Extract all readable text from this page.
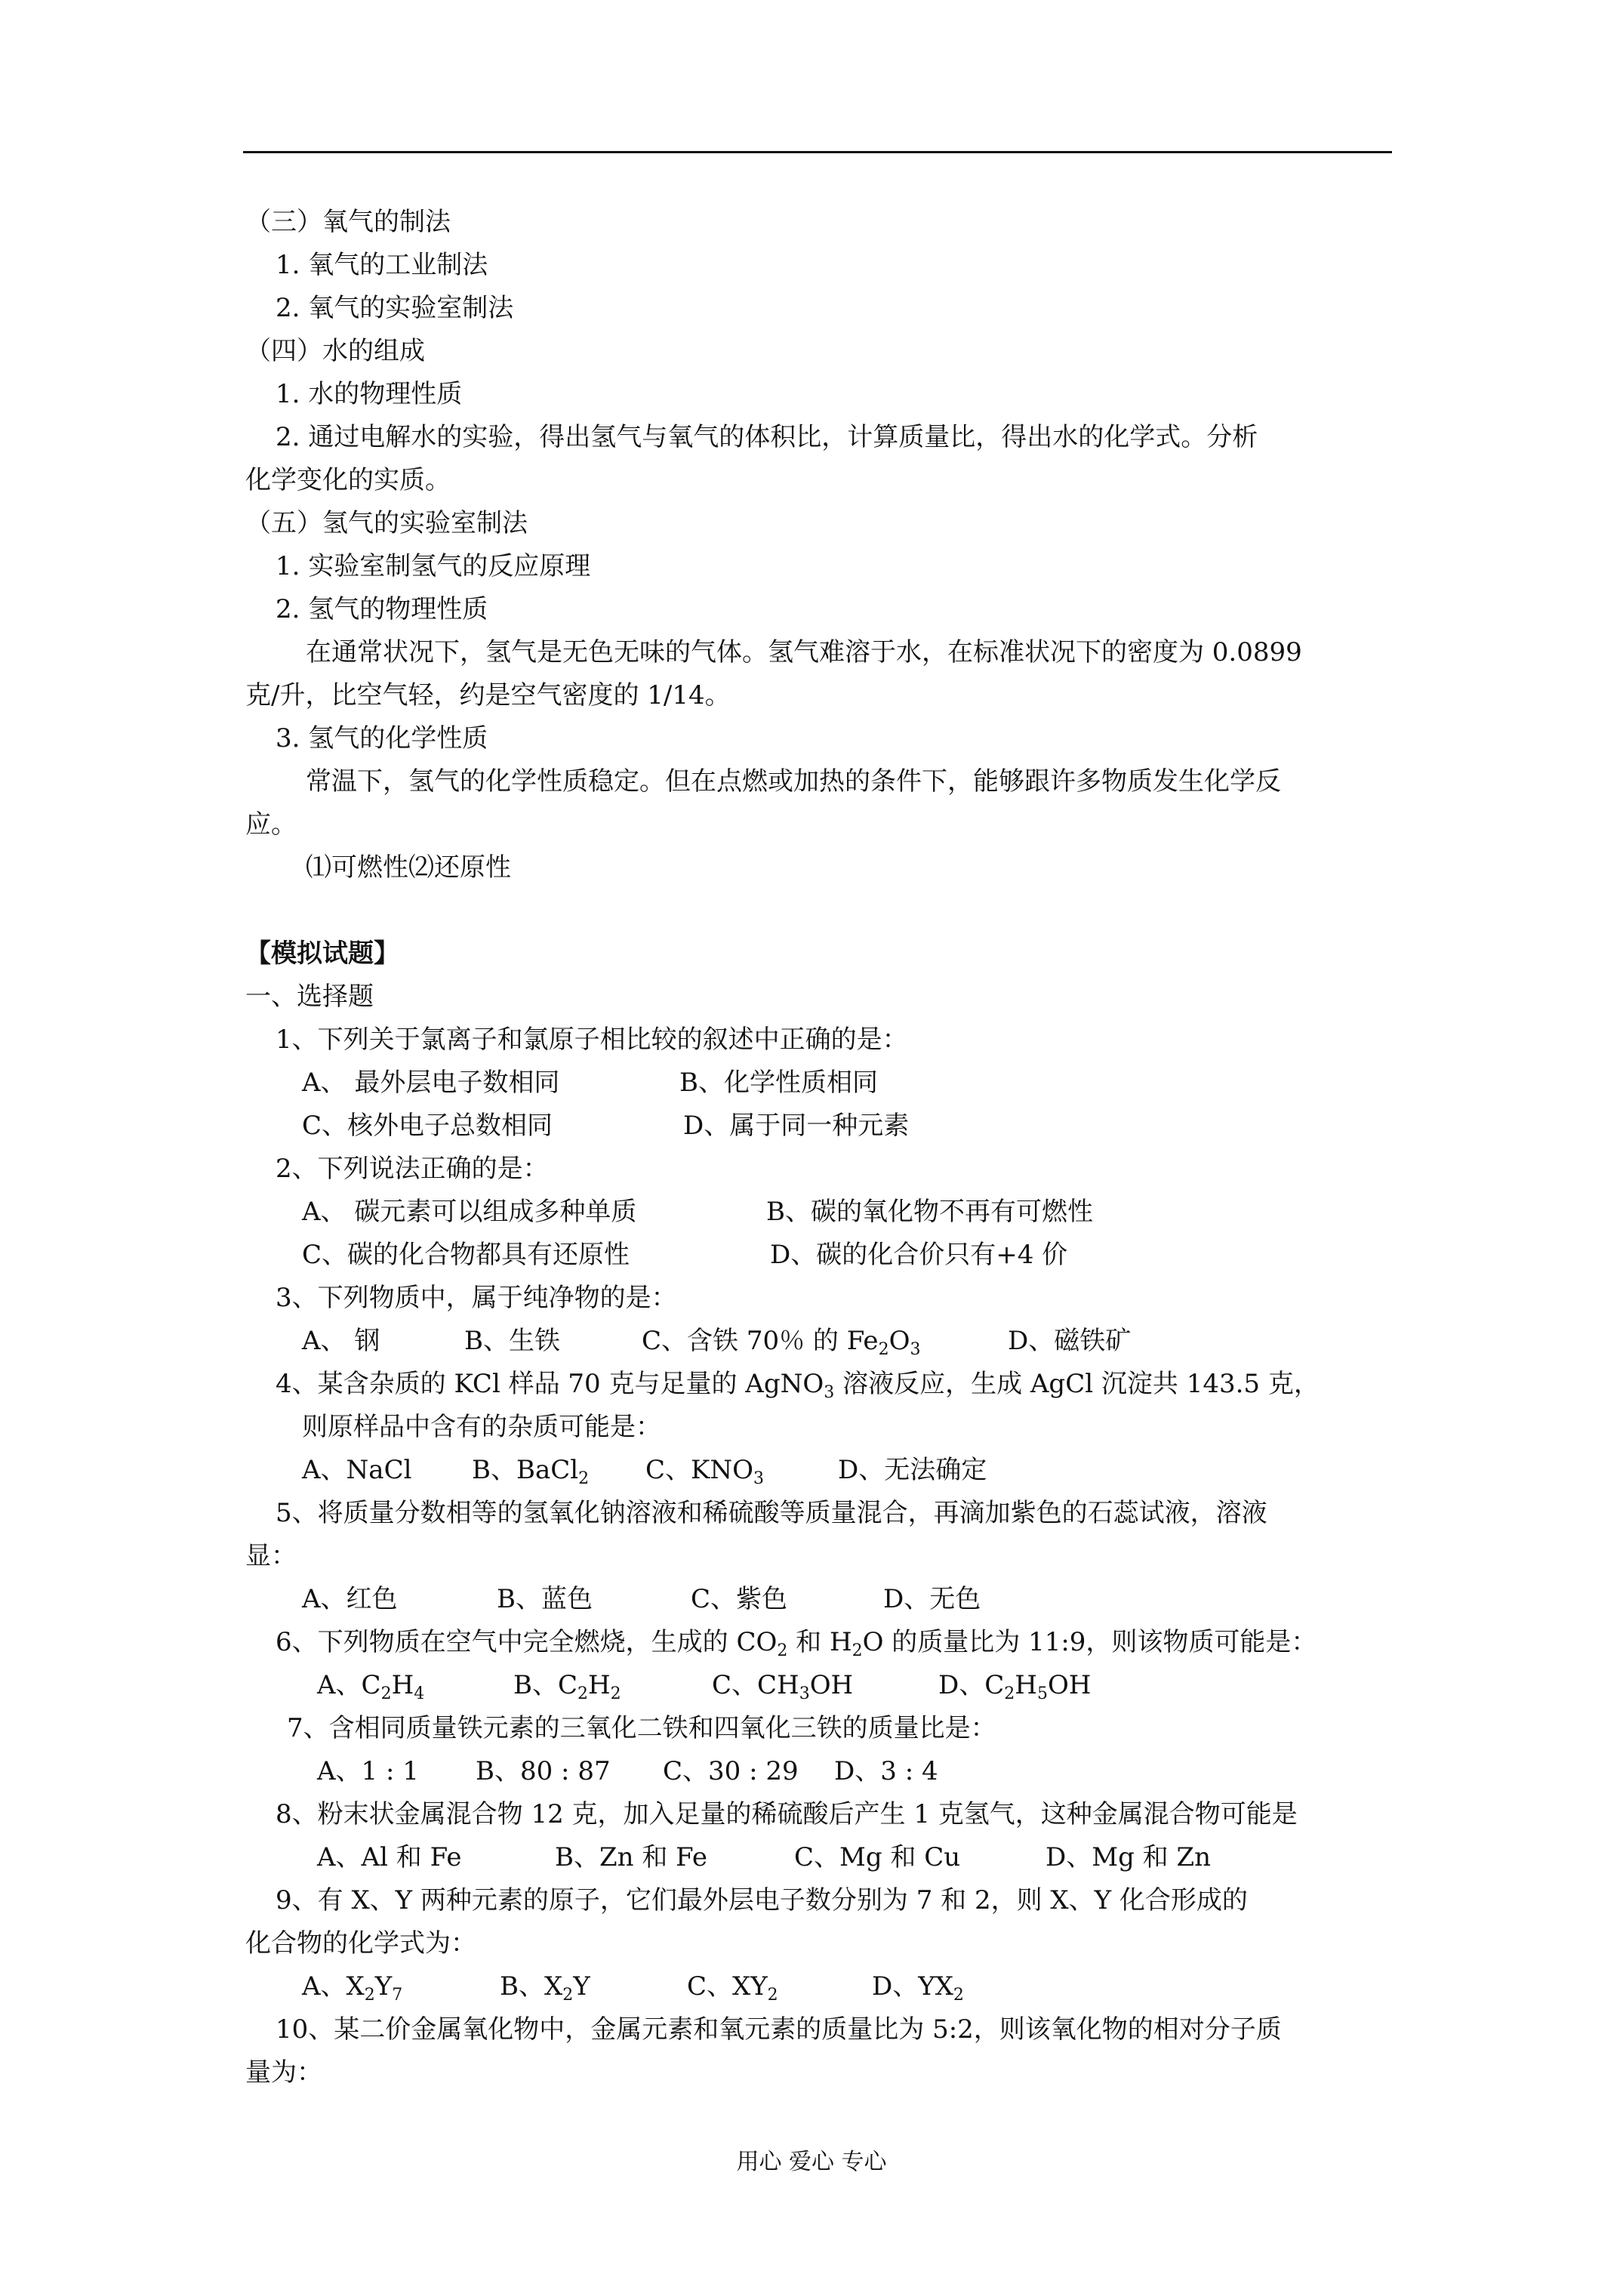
（三）氧气的制法
1. 氧气的工业制法
2. 氧气的实验室制法
（四）水的组成
1. 水的物理性质
2. 通过电解水的实验，得出氢气与氧气的体积比，计算质量比，得出水的化学式。分析
化学变化的实质。
（五）氢气的实验室制法
1. 实验室制氢气的反应原理
2. 氢气的物理性质
在通常状况下，氢气是无色无味的气体。氢气难溶于水，在标准状况下的密度为 0.0899
克/升，比空气轻，约是空气密度的 1/14。
3. 氢气的化学性质
常温下，氢气的化学性质稳定。但在点燃或加热的条件下，能够跟许多物质发生化学反
应。
⑴可燃性⑵还原性
【模拟试题】
一、选择题
1、下列关于氯离子和氯原子相比较的叙述中正确的是：
A、 最外层电子数相同	B、化学性质相同
C、核外电子总数相同	D、属于同一种元素
2、下列说法正确的是：
A、 碳元素可以组成多种单质	B、碳的氧化物不再有可燃性
C、碳的化合物都具有还原性	D、碳的化合价只有+4 价
3、下列物质中，属于纯净物的是：
A、 钢	B、生铁	C、含铁 70％ 的 $Fe_2O_3$	D、磁铁矿
4、某含杂质的 KCl 样品 70 克与足量的 AgNO$_3$ 溶液反应，生成 AgCl 沉淀共 143.5 克，
则原样品中含有的杂质可能是：
A、NaCl B、BaCl$_2$ C、$KNO_3$	D、无法确定
5、将质量分数相等的氢氧化钠溶液和稀硫酸等质量混合，再滴加紫色的石蕊试液，溶液
显：
A、红色	B、蓝色	C、紫色	D、无色
6、下列物质在空气中完全燃烧，生成的 $CO_2$ 和 $H_2O$ 的质量比为 11:9，则该物质可能是：
A、$C_2H_4$	B、$C_2H_2$	C、$CH_3OH$	D、$C_2H_5OH$
7、含相同质量铁元素的三氧化二铁和四氧化三铁的质量比是：
A、1 : 1 B、80 : 87 C、30 : 29 D、3 : 4
8、粉末状金属混合物 12 克，加入足量的稀硫酸后产生 1 克氢气，这种金属混合物可能是
A、Al 和 Fe	B、Zn 和 Fe	C、Mg 和 Cu	D、Mg 和 Zn
9、有 X、Y 两种元素的原子，它们最外层电子数分别为 7 和 2，则 X、Y 化合形成的
化合物的化学式为：
A、$X_2Y_7$	B、$X_2Y$	C、$XY_2$	D、$YX_2$
10、某二价金属氧化物中，金属元素和氧元素的质量比为 5:2，则该氧化物的相对分子质
量为：
用心 爱心 专心
